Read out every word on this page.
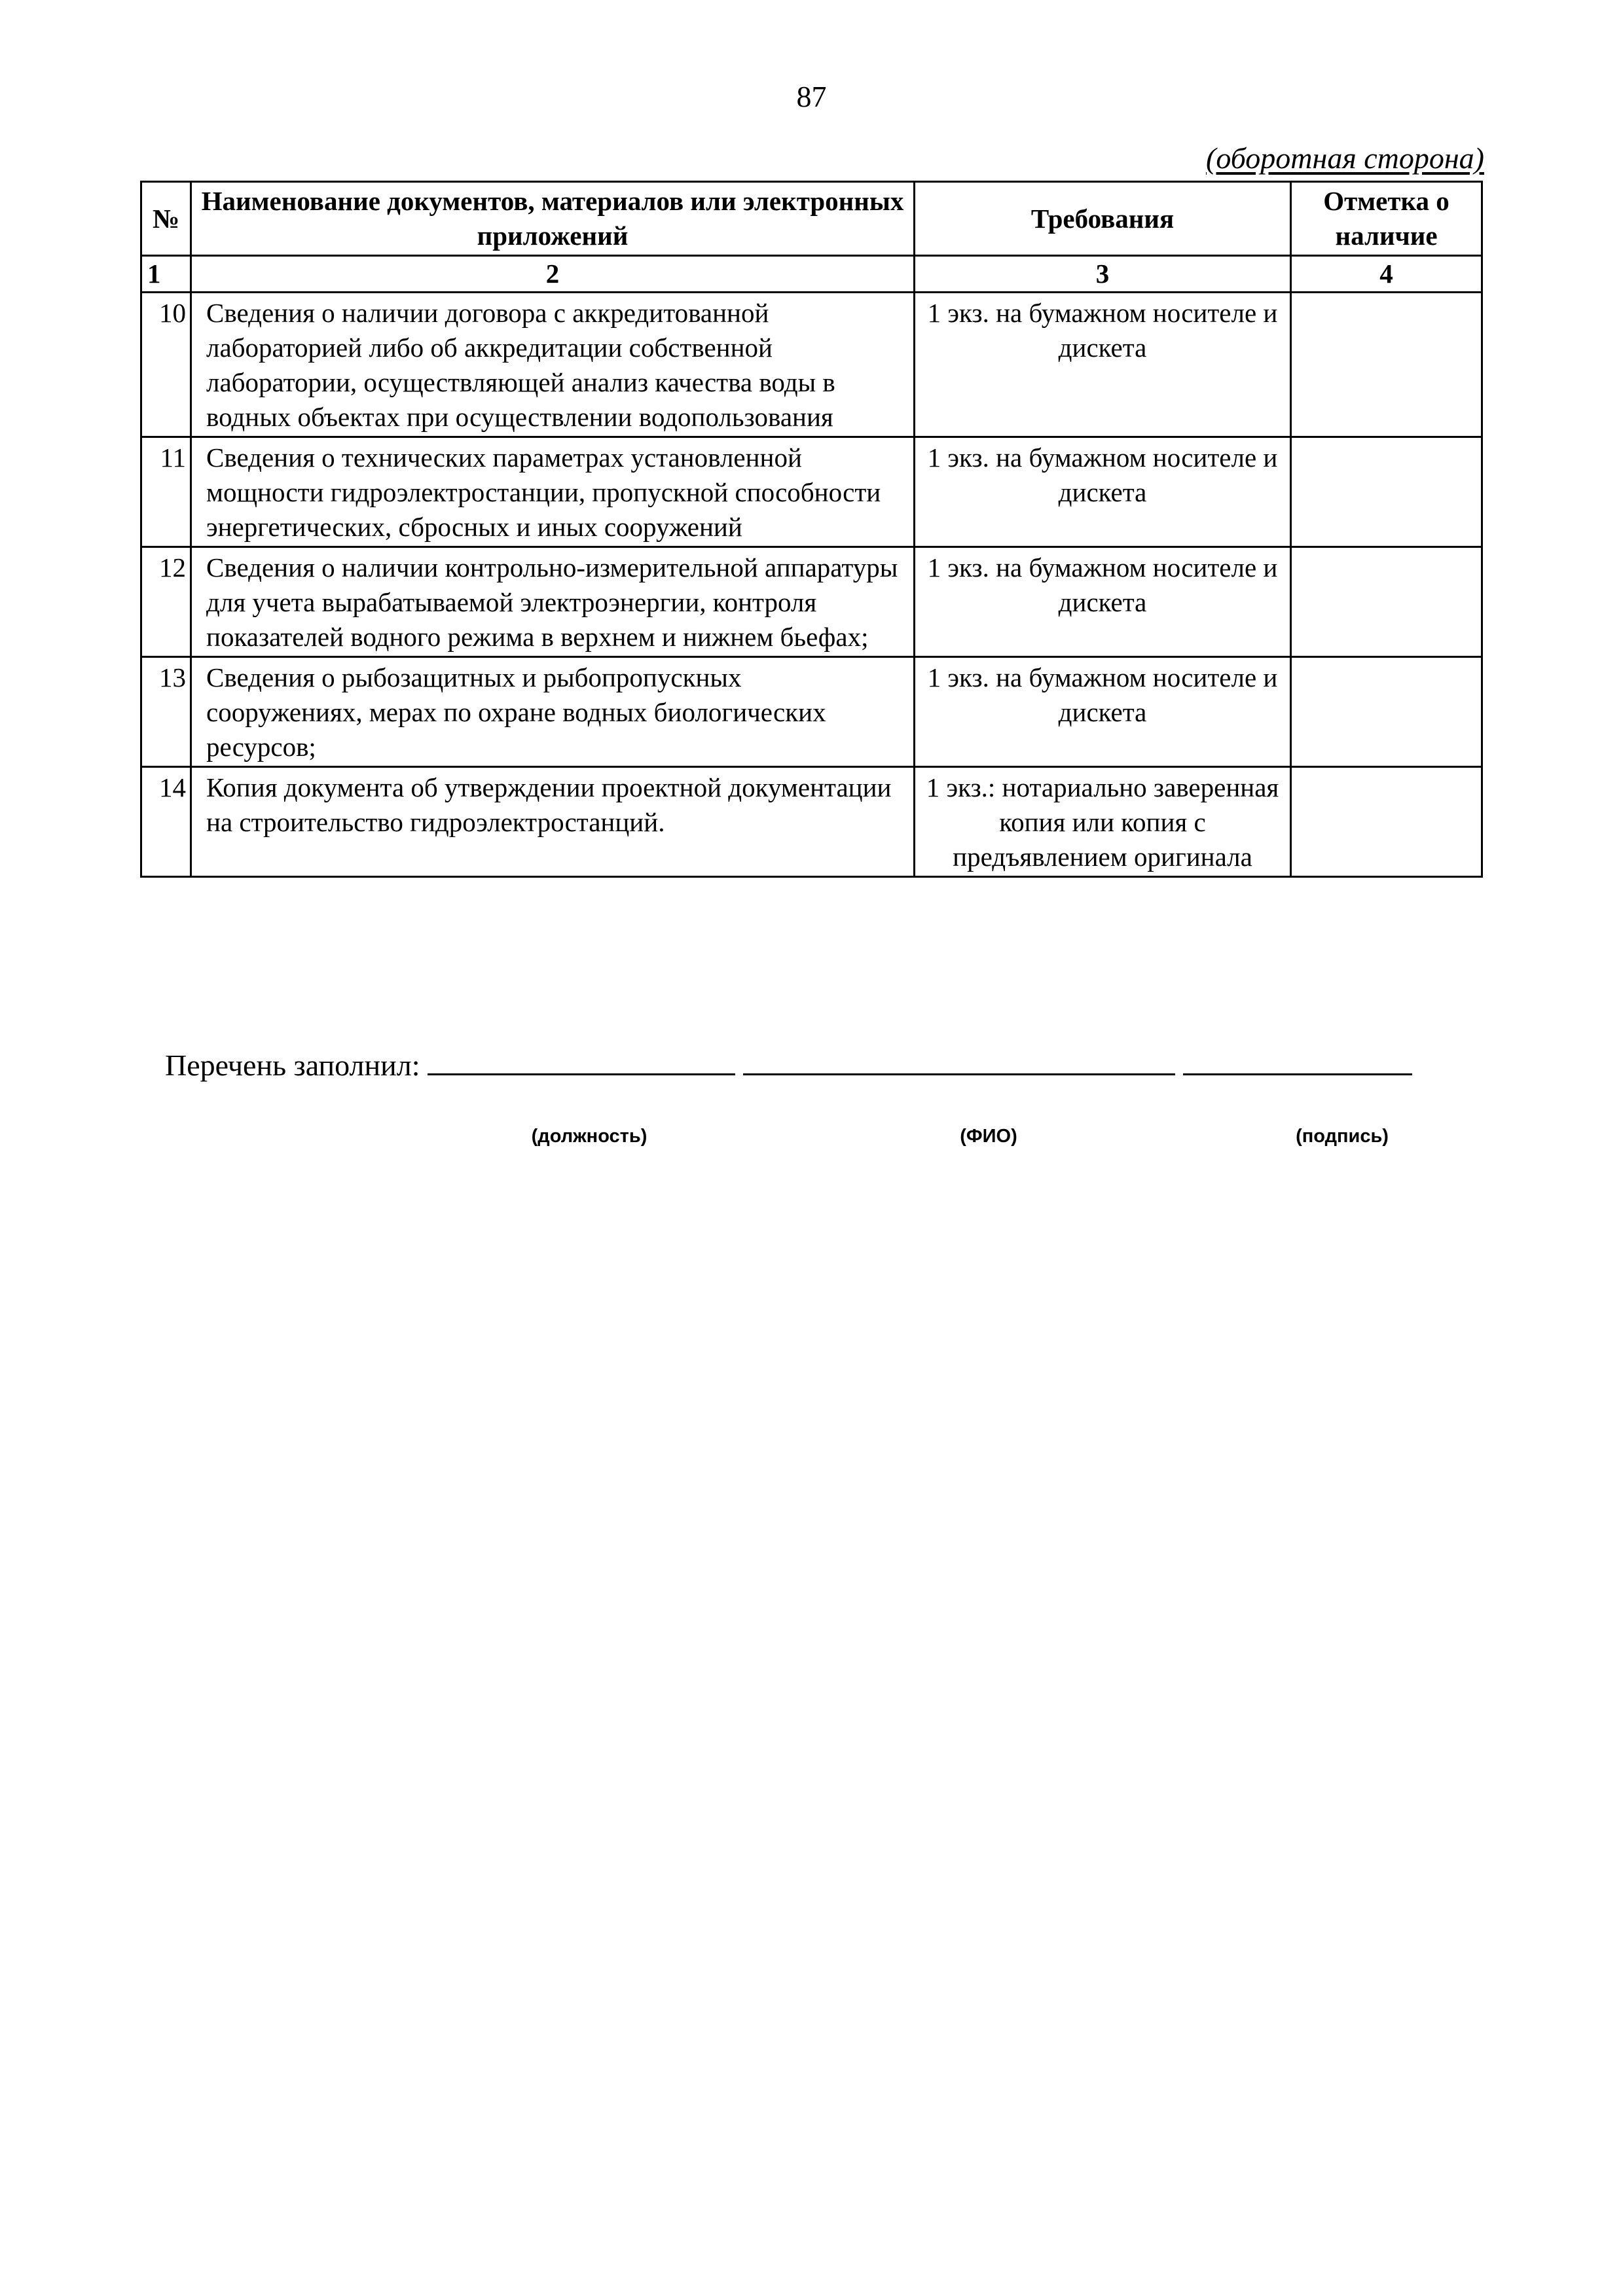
87
(оборотная сторона)
№	Наименование документов, материалов или электронных приложений	Требования	Отметка о наличие
1	2	3	4
10	Сведения о наличии договора с аккредитованной лабораторией либо об аккредитации собственной лаборатории, осуществляющей анализ качества воды в водных объектах при осуществлении водопользования	1 экз. на бумажном носителе и дискета	
11	Сведения о технических параметрах установленной мощности гидроэлектростанции, пропускной способности энергетических, сбросных и иных сооружений	1 экз. на бумажном носителе и дискета	
12	Сведения о наличии контрольно-измерительной аппаратуры для учета вырабатываемой электроэнергии, контроля показателей водного режима в верхнем и нижнем бьефах;	1 экз. на бумажном носителе и дискета	
13	Сведения о рыбозащитных и рыбопропускных сооружениях, мерах по охране водных биологических ресурсов;	1 экз. на бумажном носителе и дискета	
14	Копия документа об утверждении проектной документации на строительство гидроэлектростанций.	1 экз.: нотариально заверенная копия или копия с предъявлением оригинала	
Перечень заполнил:
(должность)	(ФИО)	(подпись)
